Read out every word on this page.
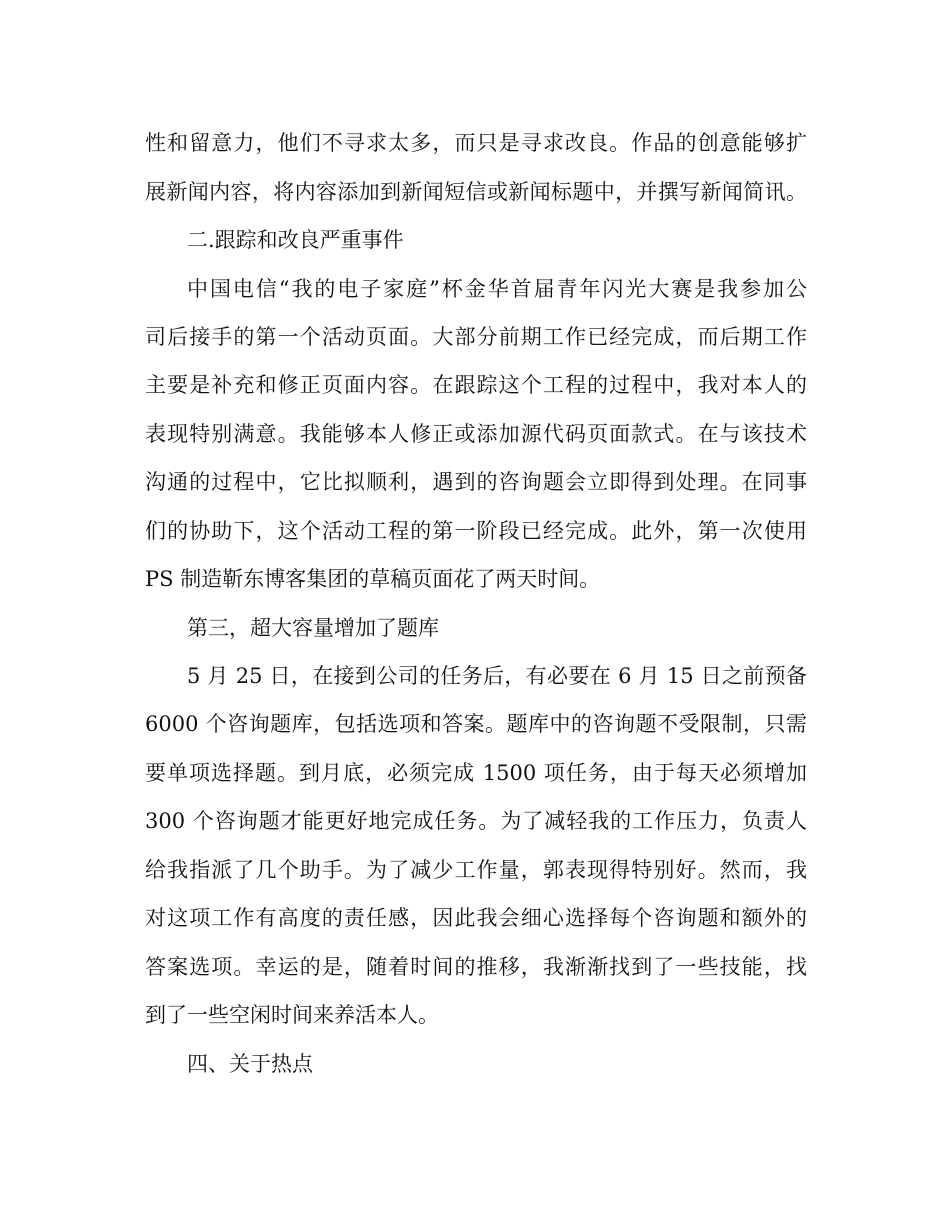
性和留意力，他们不寻求太多，而只是寻求改良。作品的创意能够扩
展新闻内容，将内容添加到新闻短信或新闻标题中，并撰写新闻简讯。
二.跟踪和改良严重事件
中国电信“我的电子家庭”杯金华首届青年闪光大赛是我参加公
司后接手的第一个活动页面。大部分前期工作已经完成，而后期工作
主要是补充和修正页面内容。在跟踪这个工程的过程中，我对本人的
表现特别满意。我能够本人修正或添加源代码页面款式。在与该技术
沟通的过程中，它比拟顺利，遇到的咨询题会立即得到处理。在同事
们的协助下，这个活动工程的第一阶段已经完成。此外，第一次使用
PS 制造靳东博客集团的草稿页面花了两天时间。
第三，超大容量增加了题库
5 月 25 日，在接到公司的任务后，有必要在 6 月 15 日之前预备
6000 个咨询题库，包括选项和答案。题库中的咨询题不受限制，只需
要单项选择题。到月底，必须完成 1500 项任务，由于每天必须增加
300 个咨询题才能更好地完成任务。为了减轻我的工作压力，负责人
给我指派了几个助手。为了减少工作量，郭表现得特别好。然而，我
对这项工作有高度的责任感，因此我会细心选择每个咨询题和额外的
答案选项。幸运的是，随着时间的推移，我渐渐找到了一些技能，找
到了一些空闲时间来养活本人。
四、关于热点
